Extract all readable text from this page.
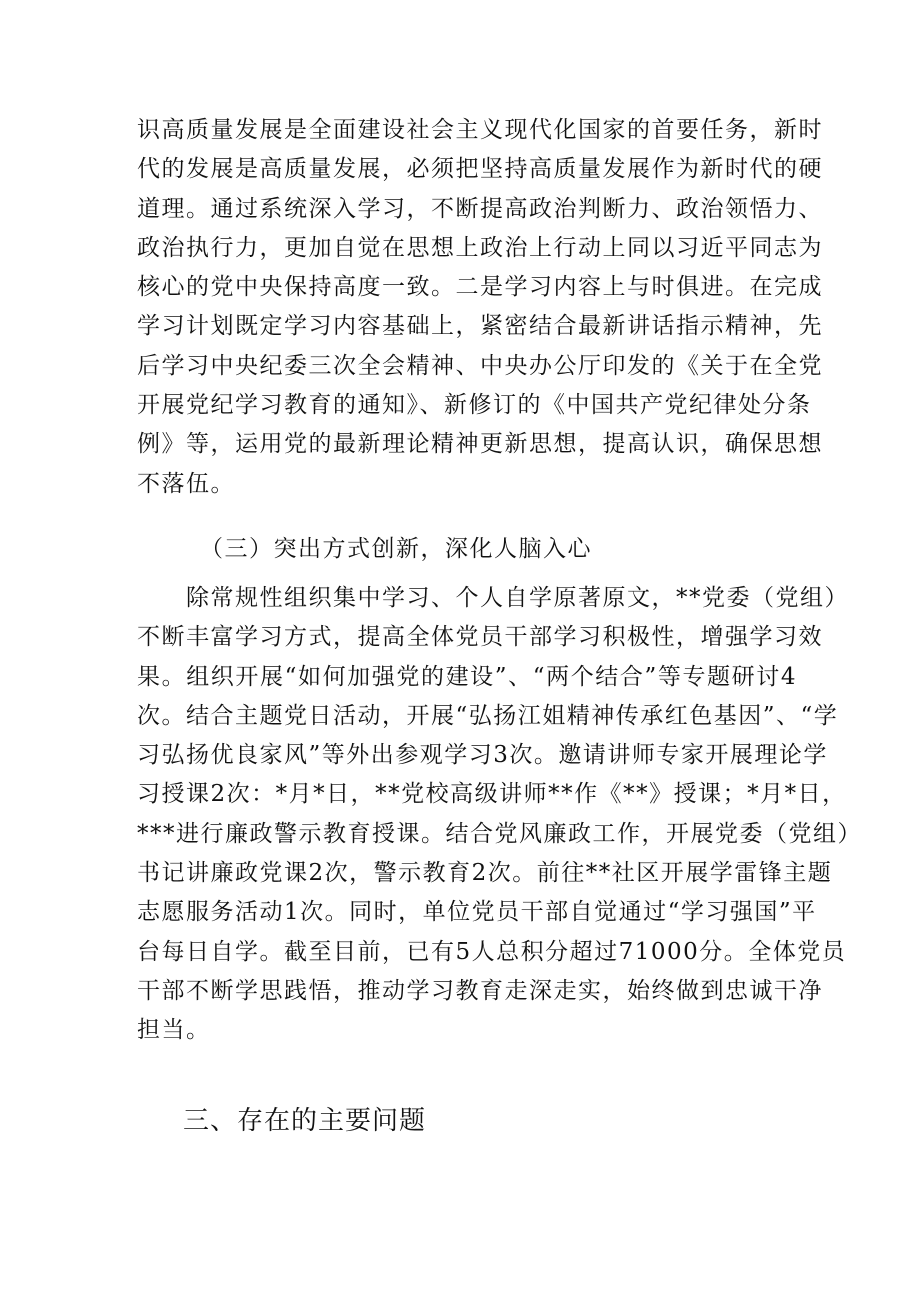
识高质量发展是全面建设社会主义现代化国家的首要任务，新时
代的发展是高质量发展，必须把坚持高质量发展作为新时代的硬
道理。通过系统深入学习，不断提高政治判断力、政治领悟力、
政治执行力，更加自觉在思想上政治上行动上同以习近平同志为
核心的党中央保持高度一致。二是学习内容上与时俱进。在完成
学习计划既定学习内容基础上，紧密结合最新讲话指示精神，先
后学习中央纪委三次全会精神、中央办公厅印发的《关于在全党
开展党纪学习教育的通知》、新修订的《中国共产党纪律处分条
例》等，运用党的最新理论精神更新思想，提高认识，确保思想
不落伍。
（三）突出方式创新，深化人脑入心
　　除常规性组织集中学习、个人自学原著原文，**党委（党组）
不断丰富学习方式，提高全体党员干部学习积极性，增强学习效
果。组织开展“如何加强党的建设”、“两个结合”等专题研讨4
次。结合主题党日活动，开展“弘扬江姐精神传承红色基因”、“学
习弘扬优良家风”等外出参观学习3次。邀请讲师专家开展理论学
习授课2次：*月*日，**党校高级讲师**作《**》授课；*月*日，
***进行廉政警示教育授课。结合党风廉政工作，开展党委（党组）
书记讲廉政党课2次，警示教育2次。前往**社区开展学雷锋主题
志愿服务活动1次。同时，单位党员干部自觉通过“学习强国”平
台每日自学。截至目前，已有5人总积分超过71000分。全体党员
干部不断学思践悟，推动学习教育走深走实，始终做到忠诚干净
担当。
三、存在的主要问题
